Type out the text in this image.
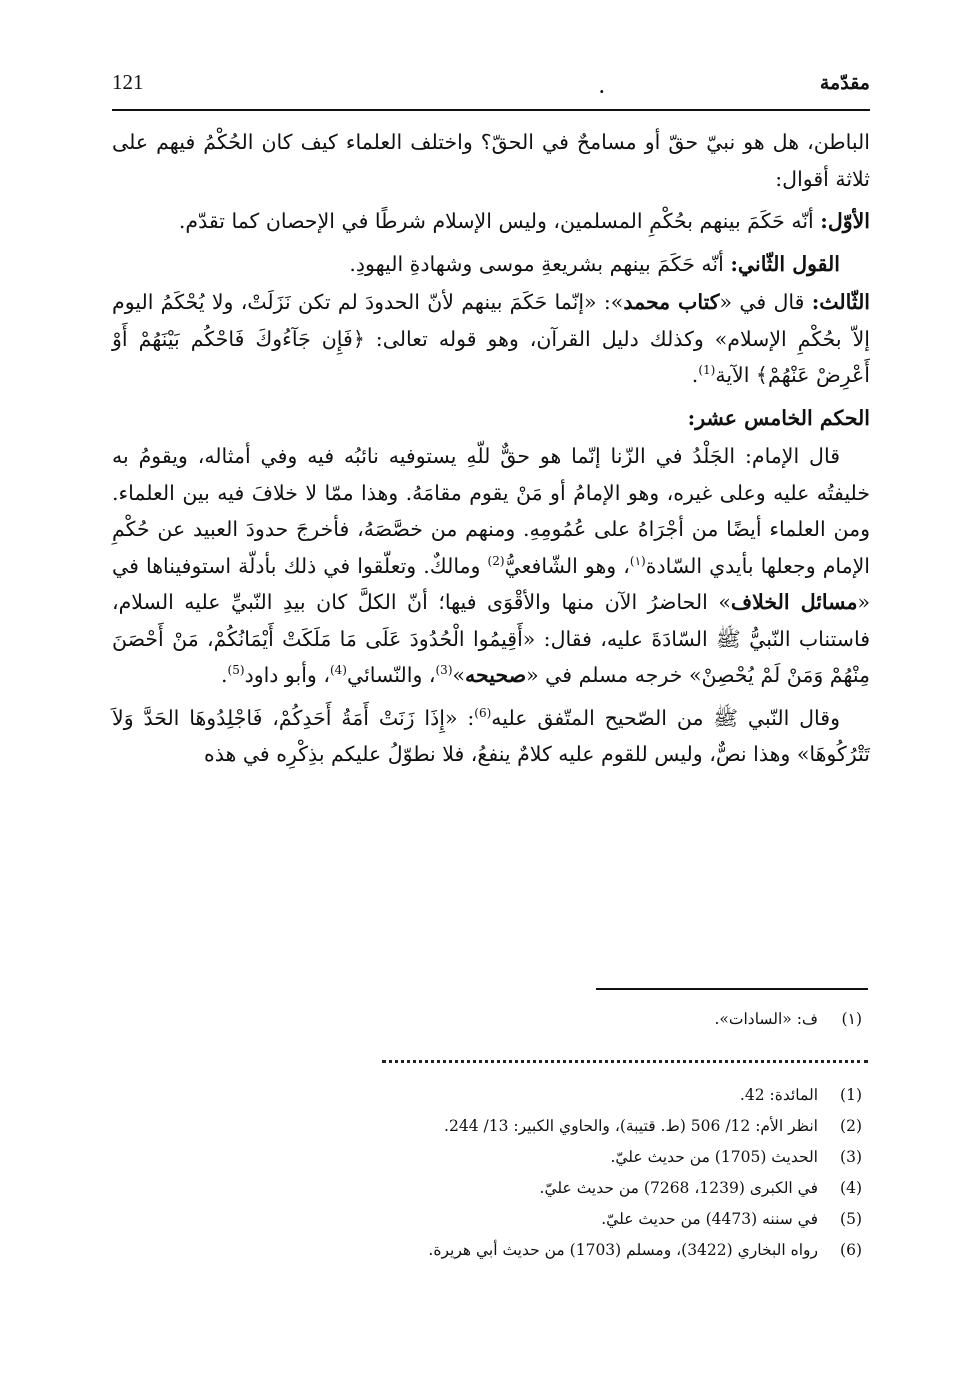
121	.	مقدّمة

الباطن، هل هو نبيّ حقّ أو مسامحٌ في الحقّ؟ واختلف العلماء كيف كان الحُكْمُ فيهم على ثلاثة أقوال:

الأوّل: أنّه حَكَمَ بينهم بحُكْمِ المسلمين، وليس الإسلام شرطًا في الإحصان كما تقدّم.

القول الثّاني: أنّه حَكَمَ بينهم بشريعةِ موسى وشهادةِ اليهودِ.

الثّالث: قال في «كتاب محمد»: «إنّما حَكَمَ بينهم لأنّ الحدودَ لم تكن نَزَلَتْ، ولا يُحْكَمُ اليوم إلاّ بحُكْمِ الإسلام» وكذلك دليل القرآن، وهو قوله تعالى: ﴿فَإِن جَآءُوكَ فَاحْكُم بَيْنَهُمْ أَوْ أَعْرِضْ عَنْهُمْ﴾ الآية$^{(1)}$.

الحكم الخامس عشر:

قال الإمام: الجَلْدُ في الزّنا إنّما هو حقٌّ للّهِ يستوفيه نائبُه فيه وفي أمثاله، ويقومُ به خليفتُه عليه وعلى غيره، وهو الإمامُ أو مَنْ يقوم مقامَهُ. وهذا ممّا لا خلافَ فيه بين العلماء. ومن العلماء أيضًا من أجْرَاهُ على عُمُومِهِ. ومنهم من خصَّصَهُ، فأخرجَ حدودَ العبيد عن حُكْمِ الإمام وجعلها بأيدي السّادة$^{(١)}$، وهو الشّافعيُّ$^{(2)}$ ومالكٌ. وتعلّقوا في ذلك بأدلّة استوفيناها في «مسائل الخلاف» الحاضرُ الآن منها والأقْوَى فيها؛ أنّ الكلَّ كان بيدِ النّبيِّ عليه السلام، فاستناب النّبيُّ ﷺ السّادَةَ عليه، فقال: «أَقِيمُوا الْحُدُودَ عَلَى مَا مَلَكَتْ أَيْمَانُكُمْ، مَنْ أَحْصَنَ مِنْهُمْ وَمَنْ لَمْ يُحْصِنْ» خرجه مسلم في «صحيحه»$^{(3)}$، والنّسائي$^{(4)}$، وأبو داود$^{(5)}$.

وقال النّبي ﷺ من الصّحيح المتّفق عليه$^{(6)}$: «إِذَا زَنَتْ أَمَةُ أَحَدِكُمْ، فَاجْلِدُوهَا الحَدَّ وَلاَ تَتْرُكُوهَا» وهذا نصٌّ، وليس للقوم عليه كلامٌ ينفعُ، فلا نطوّلُ عليكم بذِكْرِه في هذه

(١)
ف: «السادات».
(1)
المائدة: 42.
(2)
انظر الأم: 12/ 506 (ط. قتيبة)، والحاوي الكبير: 13/ 244.
(3)
الحديث (1705) من حديث عليّ.
(4)
في الكبرى (1239، 7268) من حديث عليّ.
(5)
في سننه (4473) من حديث عليّ.
(6)
رواه البخاري (3422)، ومسلم (1703) من حديث أبي هريرة.
